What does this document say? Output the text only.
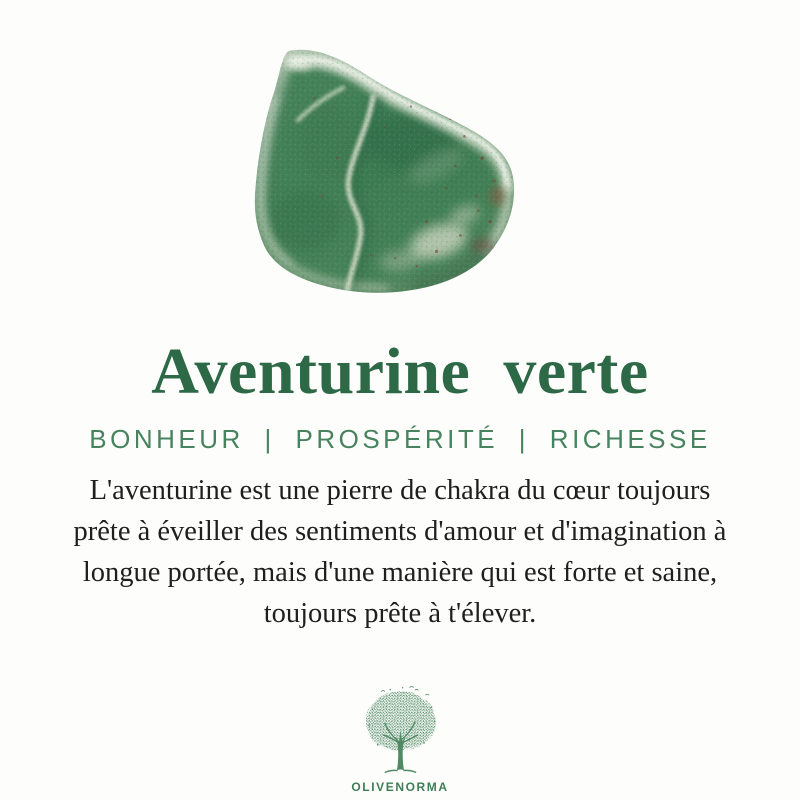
Aventurine verte
BONHEUR | PROSPÉRITÉ | RICHESSE
L'aventurine est une pierre de chakra du cœur toujours
prête à éveiller des sentiments d'amour et d'imagination à
longue portée, mais d'une manière qui est forte et saine,
toujours prête à t'élever.
OLIVENORMA
